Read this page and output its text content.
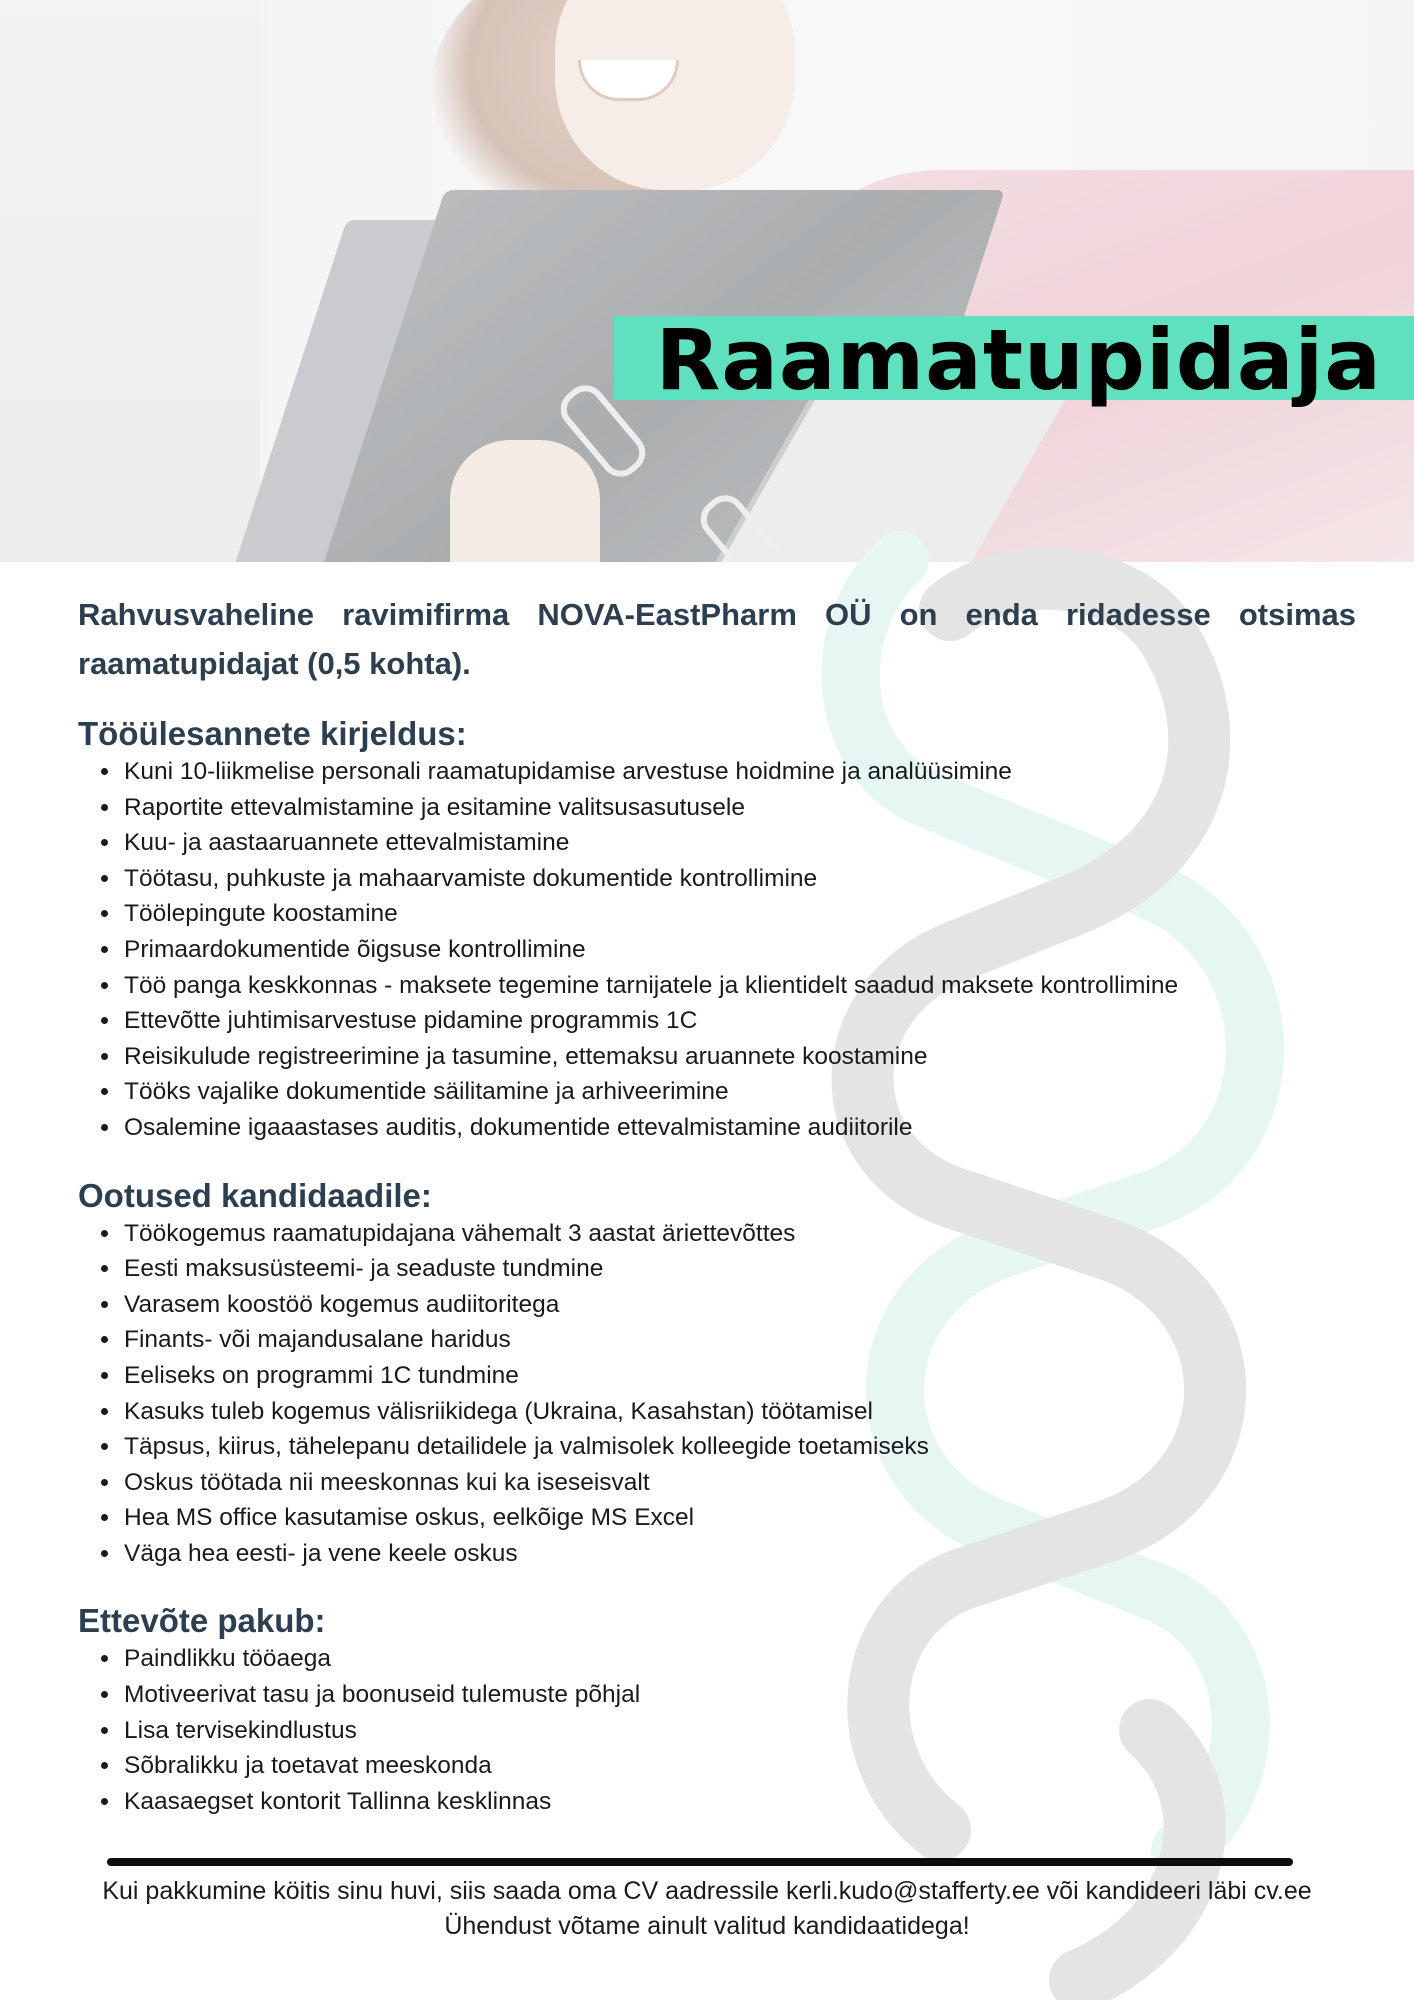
Raamatupidaja

Rahvusvaheline ravimifirma NOVA-EastPharm OÜ on enda ridadesse otsimas raamatupidajat (0,5 kohta).

Tööülesannete kirjeldus:
• Kuni 10-liikmelise personali raamatupidamise arvestuse hoidmine ja analüüsimine
• Raportite ettevalmistamine ja esitamine valitsusasutusele
• Kuu- ja aastaaruannete ettevalmistamine
• Töötasu, puhkuste ja mahaarvamiste dokumentide kontrollimine
• Töölepingute koostamine
• Primaardokumentide õigsuse kontrollimine
• Töö panga keskkonnas - maksete tegemine tarnijatele ja klientidelt saadud maksete kontrollimine
• Ettevõtte juhtimisarvestuse pidamine programmis 1C
• Reisikulude registreerimine ja tasumine, ettemaksu aruannete koostamine
• Tööks vajalike dokumentide säilitamine ja arhiveerimine
• Osalemine igaaastases auditis, dokumentide ettevalmistamine audiitorile
Ootused kandidaadile:
• Töökogemus raamatupidajana vähemalt 3 aastat äriettevõttes
• Eesti maksusüsteemi- ja seaduste tundmine
• Varasem koostöö kogemus audiitoritega
• Finants- või majandusalane haridus
• Eeliseks on programmi 1C tundmine
• Kasuks tuleb kogemus välisriikidega (Ukraina, Kasahstan) töötamisel
• Täpsus, kiirus, tähelepanu detailidele ja valmisolek kolleegide toetamiseks
• Oskus töötada nii meeskonnas kui ka iseseisvalt
• Hea MS office kasutamise oskus, eelkõige MS Excel
• Väga hea eesti- ja vene keele oskus
Ettevõte pakub:
• Paindlikku tööaega
• Motiveerivat tasu ja boonuseid tulemuste põhjal
• Lisa tervisekindlustus
• Sõbralikku ja toetavat meeskonda
• Kaasaegset kontorit Tallinna kesklinnas

Kui pakkumine köitis sinu huvi, siis saada oma CV aadressile kerli.kudo@stafferty.ee või kandideeri läbi cv.ee

Ühendust võtame ainult valitud kandidaatidega!
